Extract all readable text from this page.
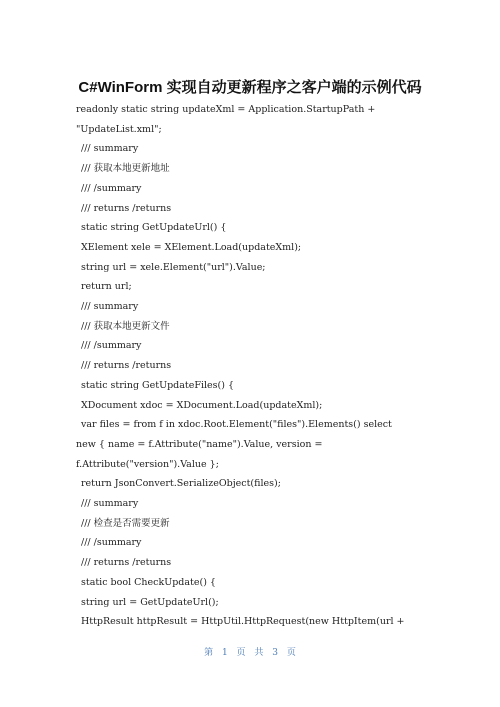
C#WinForm 实现自动更新程序之客户端的示例代码
readonly static string updateXml = Application.StartupPath +
"UpdateList.xml";
/// summary
/// 获取本地更新地址
/// /summary
/// returns /returns
static string GetUpdateUrl() {
XElement xele = XElement.Load(updateXml);
string url = xele.Element("url").Value;
return url;
/// summary
/// 获取本地更新文件
/// /summary
/// returns /returns
static string GetUpdateFiles() {
XDocument xdoc = XDocument.Load(updateXml);
var files = from f in xdoc.Root.Element("files").Elements() select
new { name = f.Attribute("name").Value, version =
f.Attribute("version").Value };
return JsonConvert.SerializeObject(files);
/// summary
/// 检查是否需要更新
/// /summary
/// returns /returns
static bool CheckUpdate() {
string url = GetUpdateUrl();
HttpResult httpResult = HttpUtil.HttpRequest(new HttpItem(url +
第 1 页 共 3 页
